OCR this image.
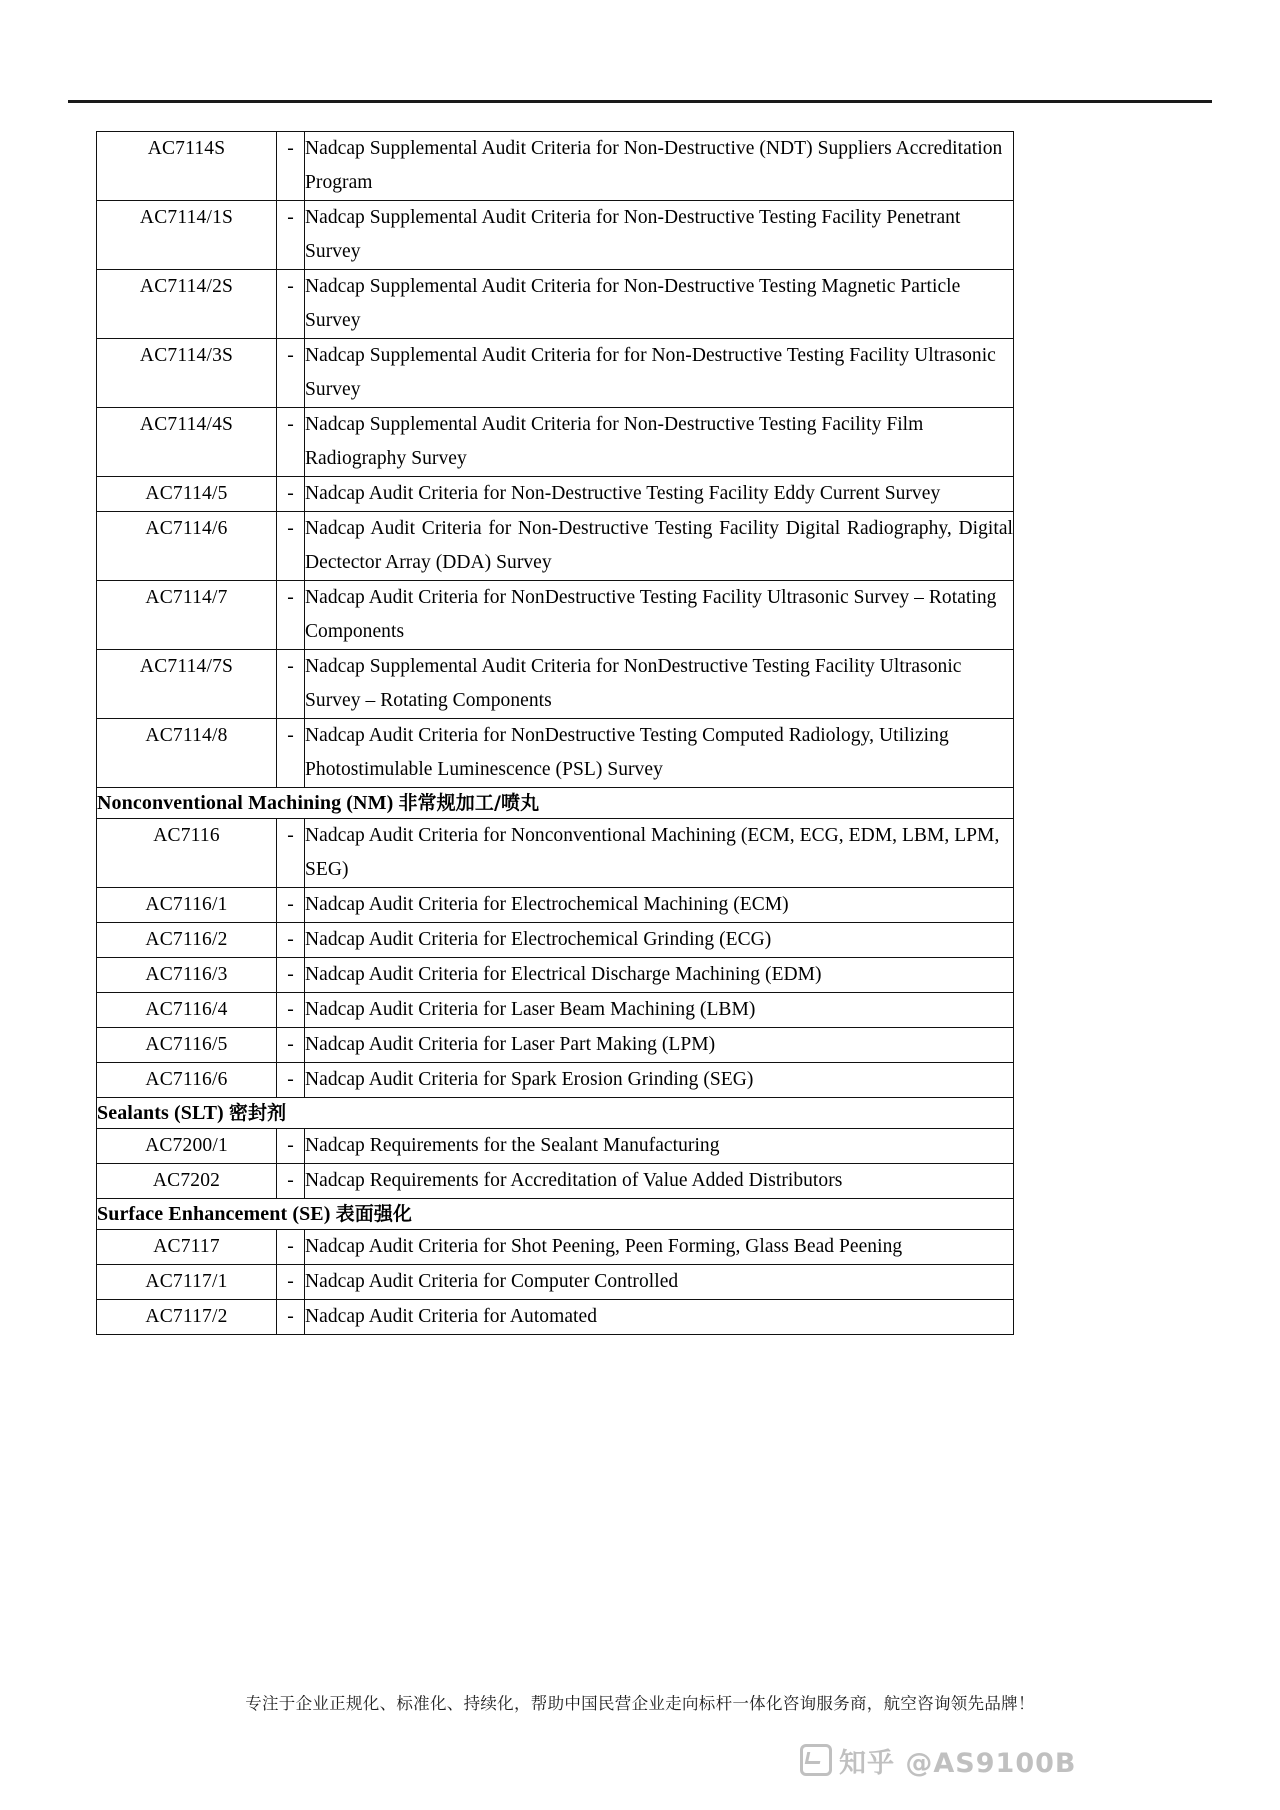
AC7114S	-	Nadcap Supplemental Audit Criteria for Non-Destructive (NDT) Suppliers Accreditation Program
AC7114/1S	-	Nadcap Supplemental Audit Criteria for Non-Destructive Testing Facility Penetrant Survey
AC7114/2S	-	Nadcap Supplemental Audit Criteria for Non-Destructive Testing Magnetic Particle Survey
AC7114/3S	-	Nadcap Supplemental Audit Criteria for for Non-Destructive Testing Facility Ultrasonic Survey
AC7114/4S	-	Nadcap Supplemental Audit Criteria for Non-Destructive Testing Facility Film Radiography Survey
AC7114/5	-	Nadcap Audit Criteria for Non-Destructive Testing Facility Eddy Current Survey
AC7114/6	-	Nadcap Audit Criteria for Non-Destructive Testing Facility Digital Radiography, Digital Dectector Array (DDA) Survey
AC7114/7	-	Nadcap Audit Criteria for NonDestructive Testing Facility Ultrasonic Survey – Rotating Components
AC7114/7S	-	Nadcap Supplemental Audit Criteria for NonDestructive Testing Facility Ultrasonic Survey – Rotating Components
AC7114/8	-	Nadcap Audit Criteria for NonDestructive Testing Computed Radiology, Utilizing Photostimulable Luminescence (PSL) Survey
Nonconventional Machining (NM) 非常规加工/喷丸		
AC7116	-	Nadcap Audit Criteria for Nonconventional Machining (ECM, ECG, EDM, LBM, LPM, SEG)
AC7116/1	-	Nadcap Audit Criteria for Electrochemical Machining (ECM)
AC7116/2	-	Nadcap Audit Criteria for Electrochemical Grinding (ECG)
AC7116/3	-	Nadcap Audit Criteria for Electrical Discharge Machining (EDM)
AC7116/4	-	Nadcap Audit Criteria for Laser Beam Machining (LBM)
AC7116/5	-	Nadcap Audit Criteria for Laser Part Making (LPM)
AC7116/6	-	Nadcap Audit Criteria for Spark Erosion Grinding (SEG)
Sealants (SLT) 密封剂		
AC7200/1	-	Nadcap Requirements for the Sealant Manufacturing
AC7202	-	Nadcap Requirements for Accreditation of Value Added Distributors
Surface Enhancement (SE) 表面强化		
AC7117	-	Nadcap Audit Criteria for Shot Peening, Peen Forming, Glass Bead Peening
AC7117/1	-	Nadcap Audit Criteria for Computer Controlled
AC7117/2	-	Nadcap Audit Criteria for Automated
专注于企业正规化、标准化、持续化，帮助中国民营企业走向标杆一体化咨询服务商，航空咨询领先品牌！
知乎 @AS9100B
